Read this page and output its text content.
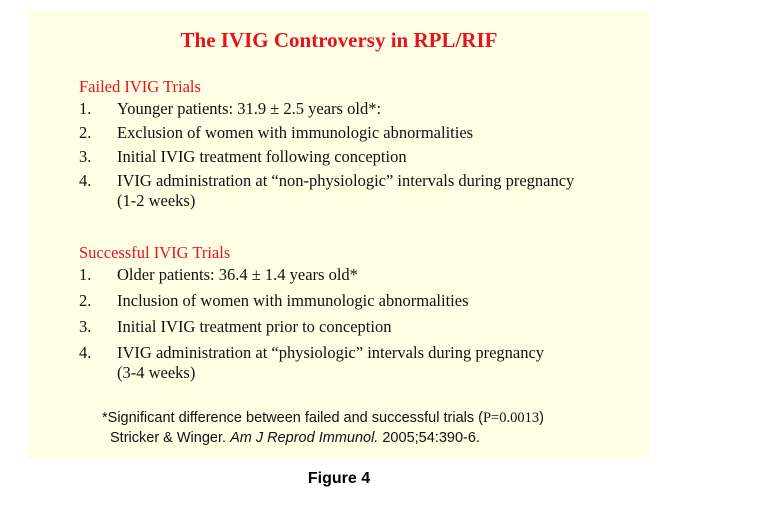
The IVIG Controversy in RPL/RIF
Failed IVIG Trials
1.	Younger patients: 31.9 ± 2.5 years old*:
2.	Exclusion of women with immunologic abnormalities
3.	Initial IVIG treatment following conception
4.	IVIG administration at “non-physiologic” intervals during pregnancy
(1-2 weeks)
Successful IVIG Trials
1.	Older patients: 36.4 ± 1.4 years old*
2.	Inclusion of women with immunologic abnormalities
3.	Initial IVIG treatment prior to conception
4.	IVIG administration at “physiologic” intervals during pregnancy
(3-4 weeks)
*Significant difference between failed and successful trials (P=0.0013)
Stricker & Winger. Am J Reprod Immunol. 2005;54:390-6.
Figure 4
